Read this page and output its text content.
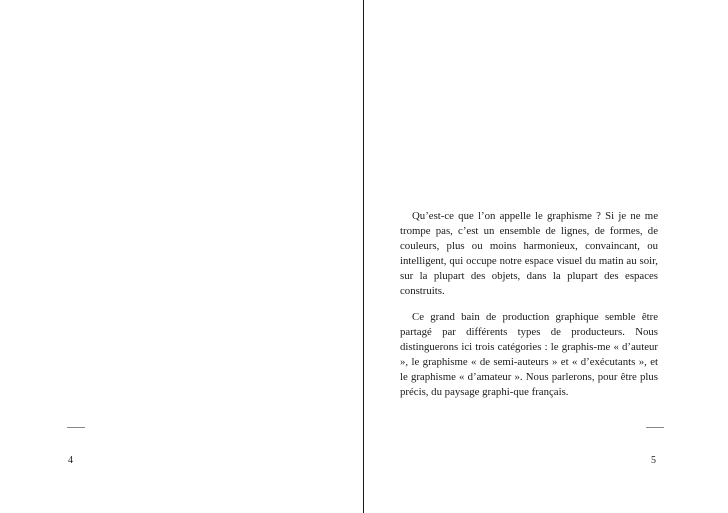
4

Qu’est-ce que l’on appelle le graphisme ? Si je ne me trompe pas, c’est un ensemble de lignes, de formes, de couleurs, plus ou moins harmonieux, convaincant, ou intelligent, qui occupe notre espace visuel du matin au soir, sur la plupart des objets, dans la plupart des espaces construits.

Ce grand bain de production graphique semble être partagé par différents types de producteurs. Nous distinguerons ici trois catégories : le graphis-me « d’auteur », le graphisme « de semi-auteurs » et « d’exécutants », et le graphisme « d’amateur ». Nous parlerons, pour être plus précis, du paysage graphi-que français.

5
